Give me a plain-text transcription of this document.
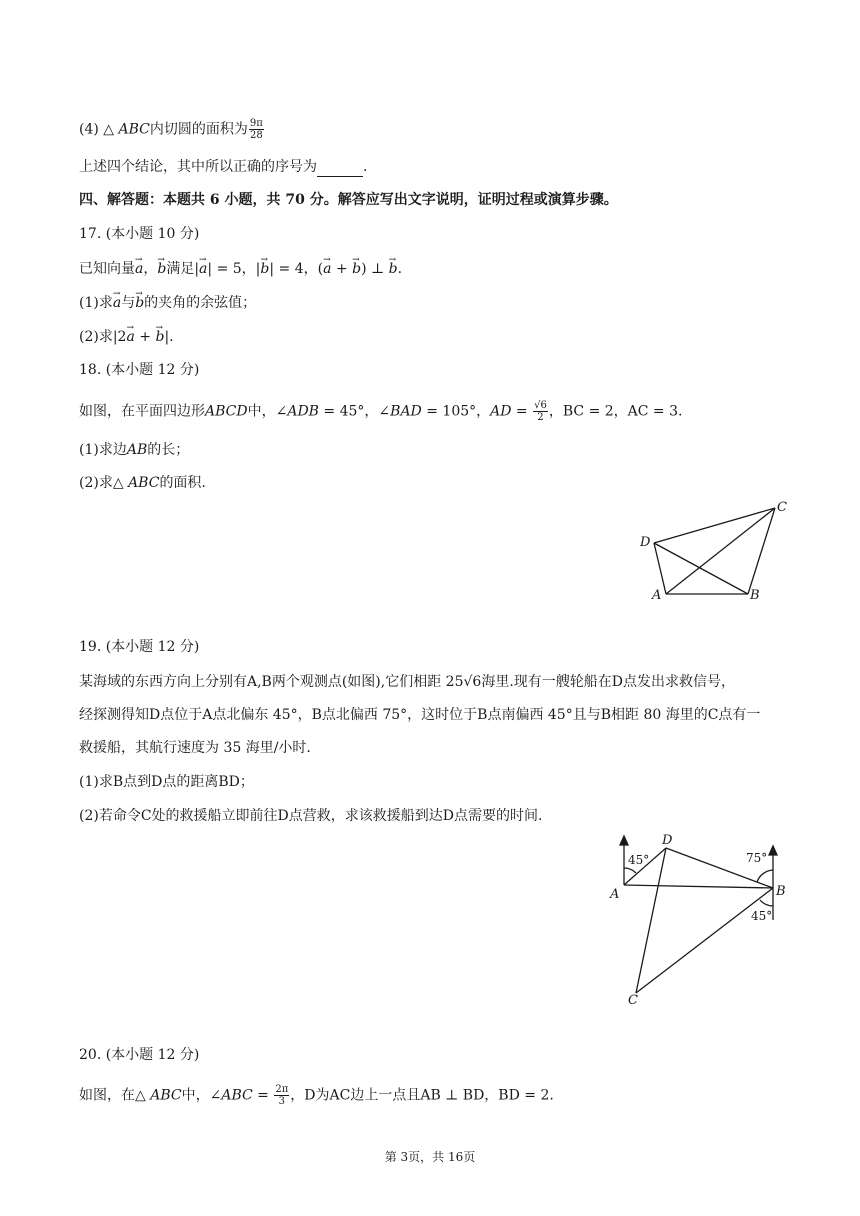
(4) △ ABC内切圆的面积为 $\frac{9\pi}{28}$
上述四个结论，其中所以正确的序号为	.
四、解答题：本题共 6 小题，共 70 分。解答应写出文字说明，证明过程或演算步骤。
17. (本小题 10 分)
已知向量→ a，→ b满足|→ a| = 5，|→ b| = 4，(→ a + → b) ⊥ → b.
(1)求→ a与→ b的夹角的余弦值；
(2)求|2→ a + → b|.
18. (本小题 12 分)
如图，在平面四边形ABCD中，∠ADB = 45°，∠BAD = 105°，AD = $\frac{√6}{2}$ ，BC = 2，AC = 3.
(1)求边AB的长；
(2)求△ ABC的面积.
D
C
A	B
19. (本小题 12 分)
某海域的东西方向上分别有A,B两个观测点(如图),它们相距 25√6海里.现有一艘轮船在D点发出求救信号，
经探测得知D点位于A点北偏东 45°，B点北偏西 75°，这时位于B点南偏西 45°且与B相距 80 海里的C点有一
救援船，其航行速度为 35 海里/小时.
(1)求B点到D点的距离BD；
(2)若命令C处的救援船立即前往D点营救，求该救援船到达D点需要的时间.
45°	75°
45°
D
A	B
C
20. (本小题 12 分)
如图，在△ ABC中，∠ABC = $\frac{2\pi}{3}$ ，D为AC边上一点且AB ⊥ BD，BD = 2.
第 3页，共 16页
